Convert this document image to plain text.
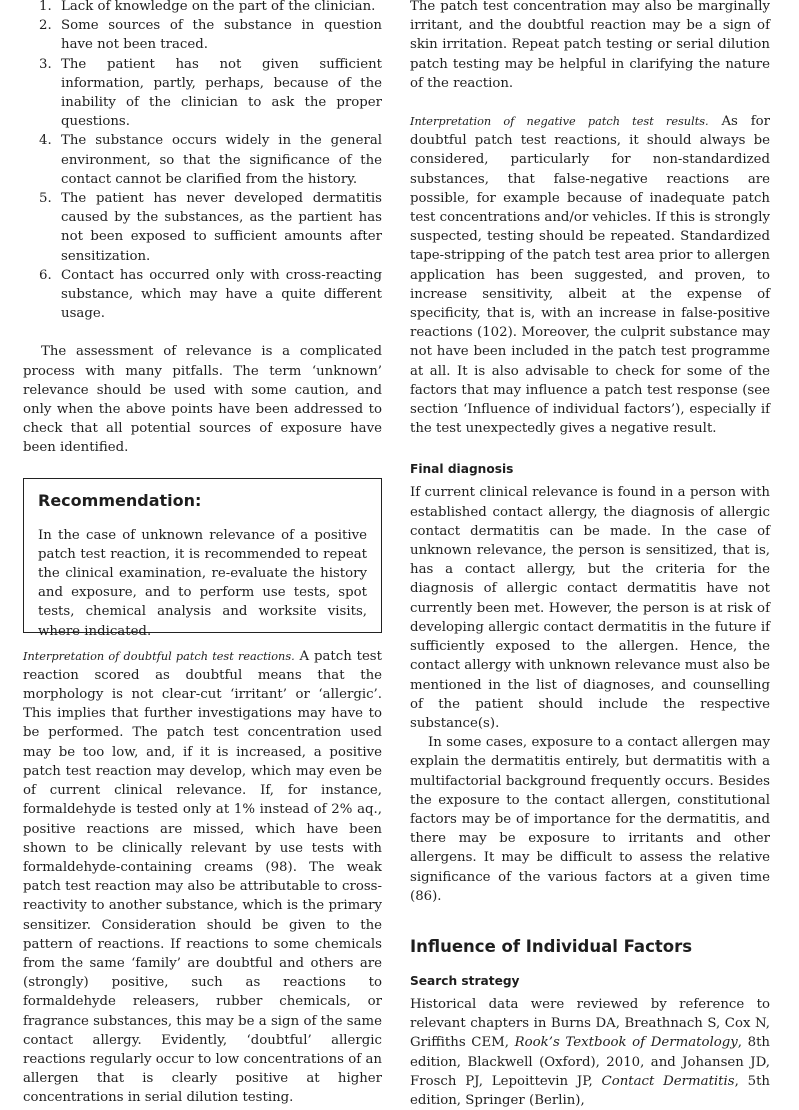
1. Lack of knowledge on the part of the clinician.
2. Some sources of the substance in question have not been traced.
3. The patient has not given sufficient information, partly, perhaps, because of the inability of the clinician to ask the proper questions.
4. The substance occurs widely in the general environment, so that the significance of the contact cannot be clarified from the history.
5. The patient has never developed dermatitis caused by the substances, as the partient has not been exposed to sufficient amounts after sensitization.
6. Contact has occurred only with cross-reacting substance, which may have a quite different usage.

The assessment of relevance is a complicated process with many pitfalls. The term ‘unknown’ relevance should be used with some caution, and only when the above points have been addressed to check that all potential sources of exposure have been identified.

Recommendation:

In the case of unknown relevance of a positive patch test reaction, it is recommended to repeat the clinical examination, re-evaluate the history and exposure, and to perform use tests, spot tests, chemical analysis and worksite visits, where indicated.

Interpretation of doubtful patch test reactions. A patch test reaction scored as doubtful means that the morphology is not clear-cut ‘irritant’ or ‘allergic’. This implies that further investigations may have to be performed. The patch test concentration used may be too low, and, if it is increased, a positive patch test reaction may develop, which may even be of current clinical relevance. If, for instance, formaldehyde is tested only at 1% instead of 2% aq., positive reactions are missed, which have been shown to be clinically relevant by use tests with formaldehyde-containing creams (98). The weak patch test reaction may also be attributable to cross-reactivity to another substance, which is the primary sensitizer. Consideration should be given to the pattern of reactions. If reactions to some chemicals from the same ‘family’ are doubtful and others are (strongly) positive, such as reactions to formaldehyde releasers, rubber chemicals, or fragrance substances, this may be a sign of the same contact allergy. Evidently, ‘doubtful’ allergic reactions regularly occur to low concentrations of an allergen that is clearly positive at higher concentrations in serial dilution testing.

The patch test concentration may also be marginally irritant, and the doubtful reaction may be a sign of skin irritation. Repeat patch testing or serial dilution patch testing may be helpful in clarifying the nature of the reaction.

Interpretation of negative patch test results. As for doubtful patch test reactions, it should always be considered, particularly for non-standardized substances, that false-negative reactions are possible, for example because of inadequate patch test concentrations and/or vehicles. If this is strongly suspected, testing should be repeated. Standardized tape-stripping of the patch test area prior to allergen application has been suggested, and proven, to increase sensitivity, albeit at the expense of specificity, that is, with an increase in false-positive reactions (102). Moreover, the culprit substance may not have been included in the patch test programme at all. It is also advisable to check for some of the factors that may influence a patch test response (see section ‘Influence of individual factors’), especially if the test unexpectedly gives a negative result.

Final diagnosis

If current clinical relevance is found in a person with established contact allergy, the diagnosis of allergic contact dermatitis can be made. In the case of unknown relevance, the person is sensitized, that is, has a contact allergy, but the criteria for the diagnosis of allergic contact dermatitis have not currently been met. However, the person is at risk of developing allergic contact dermatitis in the future if sufficiently exposed to the allergen. Hence, the contact allergy with unknown relevance must also be mentioned in the list of diagnoses, and counselling of the patient should include the respective substance(s).

In some cases, exposure to a contact allergen may explain the dermatitis entirely, but dermatitis with a multifactorial background frequently occurs. Besides the exposure to the contact allergen, constitutional factors may be of importance for the dermatitis, and there may be exposure to irritants and other allergens. It may be difficult to assess the relative significance of the various factors at a given time (86).

Influence of Individual Factors
Search strategy

Historical data were reviewed by reference to relevant chapters in Burns DA, Breathnach S, Cox N, Griffiths CEM, Rook’s Textbook of Dermatology, 8th edition, Blackwell (Oxford), 2010, and Johansen JD, Frosch PJ, Lepoittevin JP, Contact Dermatitis, 5th edition, Springer (Berlin),
